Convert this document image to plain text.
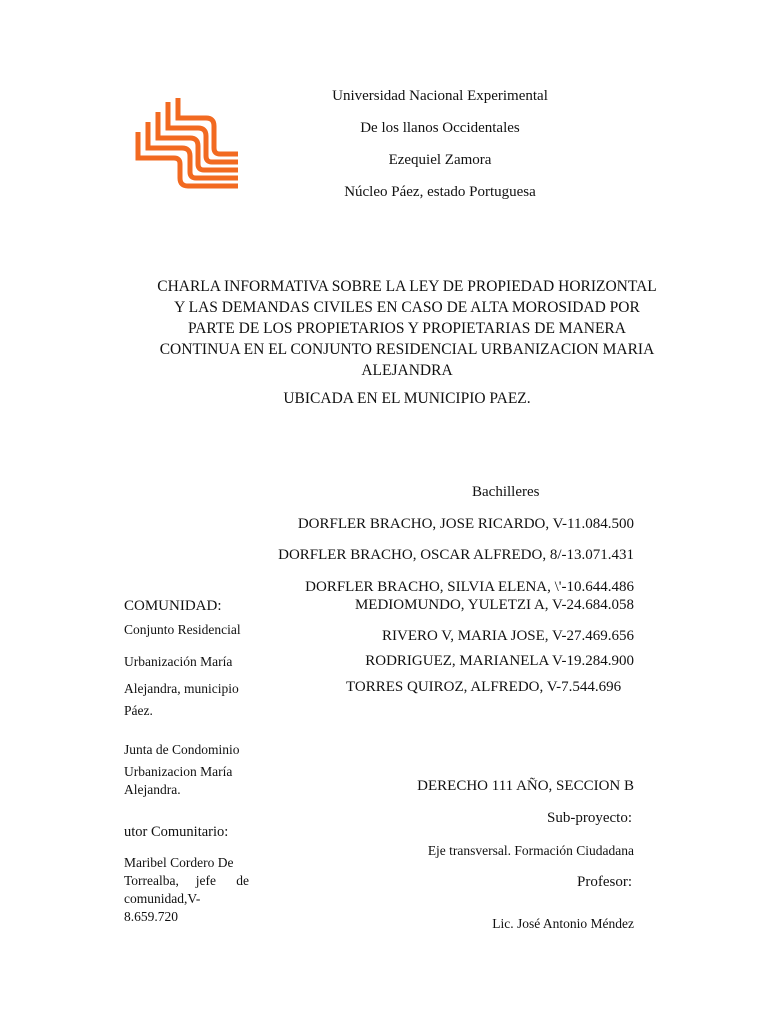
Universidad Nacional Experimental
De los llanos Occidentales
Ezequiel Zamora
Núcleo Páez, estado Portuguesa
CHARLA INFORMATIVA SOBRE LA LEY DE PROPIEDAD HORIZONTAL
Y LAS DEMANDAS CIVILES EN CASO DE ALTA MOROSIDAD POR
PARTE DE LOS PROPIETARIOS Y PROPIETARIAS DE MANERA
CONTINUA EN EL CONJUNTO RESIDENCIAL URBANIZACION MARIA
ALEJANDRA
UBICADA EN EL MUNICIPIO PAEZ.
Bachilleres
DORFLER BRACHO, JOSE RICARDO, V-11.084.500
DORFLER BRACHO, OSCAR ALFREDO, 8/-13.071.431
DORFLER BRACHO, SILVIA ELENA, \'-10.644.486
MEDIOMUNDO, YULETZI A, V-24.684.058
RIVERO V, MARIA JOSE, V-27.469.656
RODRIGUEZ, MARIANELA V-19.284.900
TORRES QUIROZ, ALFREDO, V-7.544.696
COMUNIDAD:
Conjunto Residencial
Urbanización María
Alejandra, municipio
Páez.
Junta de Condominio
Urbanizacion María
Alejandra.
utor Comunitario:
Maribel Cordero De
Torrealba,     jefe      de
comunidad,V-
8.659.720
DERECHO 111 AÑO, SECCION B
Sub-proyecto:
Eje transversal. Formación Ciudadana
Profesor:
Lic. José Antonio Méndez
